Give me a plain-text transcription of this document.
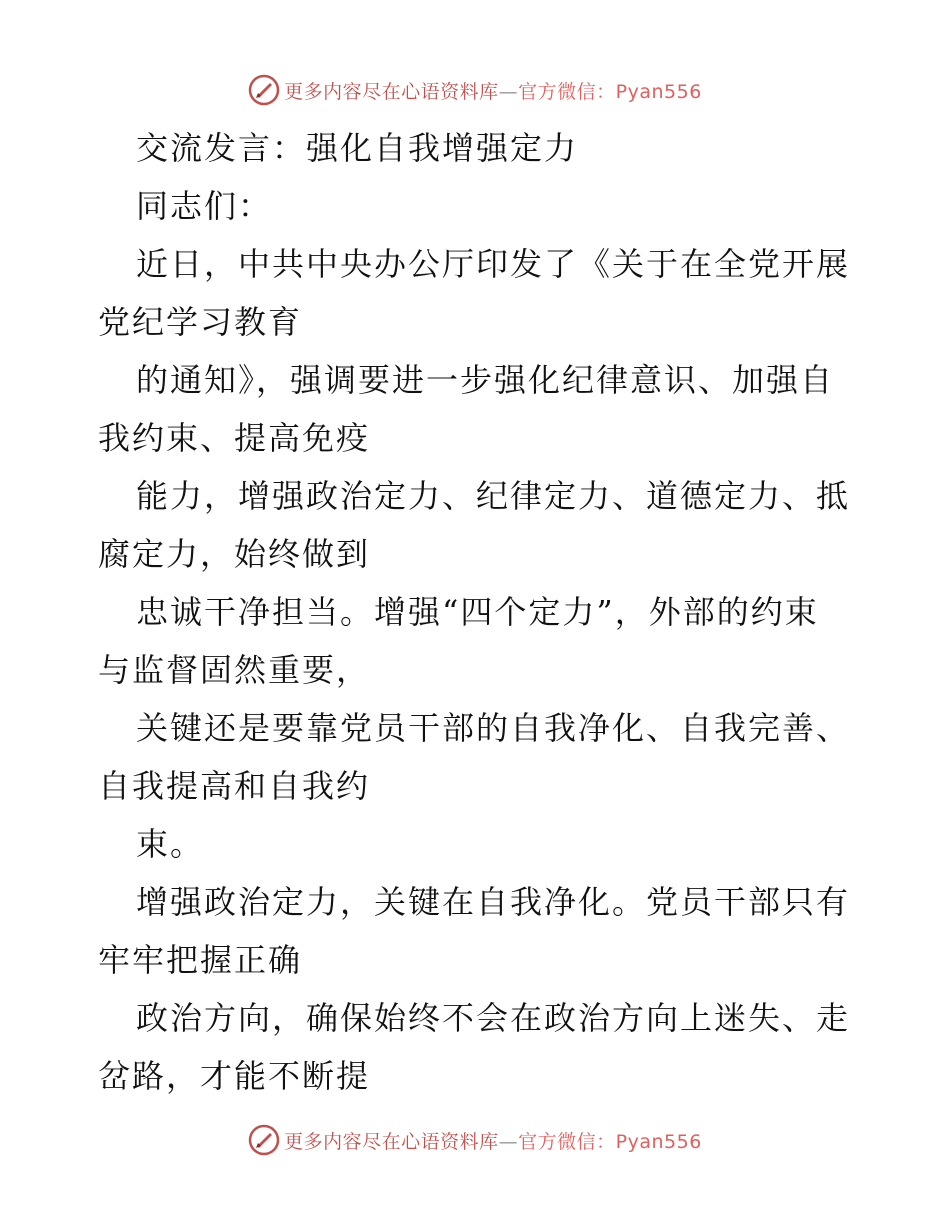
更多内容尽在心语资料库—官方微信：Pyan556
交流发言：强化自我增强定力
同志们：
近日，中共中央办公厅印发了《关于在全党开展
党纪学习教育
的通知》，强调要进一步强化纪律意识、加强自
我约束、提高免疫
能力，增强政治定力、纪律定力、道德定力、抵
腐定力，始终做到
忠诚干净担当。增强“四个定力”，外部的约束
与监督固然重要，
关键还是要靠党员干部的自我净化、自我完善、
自我提高和自我约
束。
增强政治定力，关键在自我净化。党员干部只有
牢牢把握正确
政治方向，确保始终不会在政治方向上迷失、走
岔路，才能不断提
更多内容尽在心语资料库—官方微信：Pyan556
